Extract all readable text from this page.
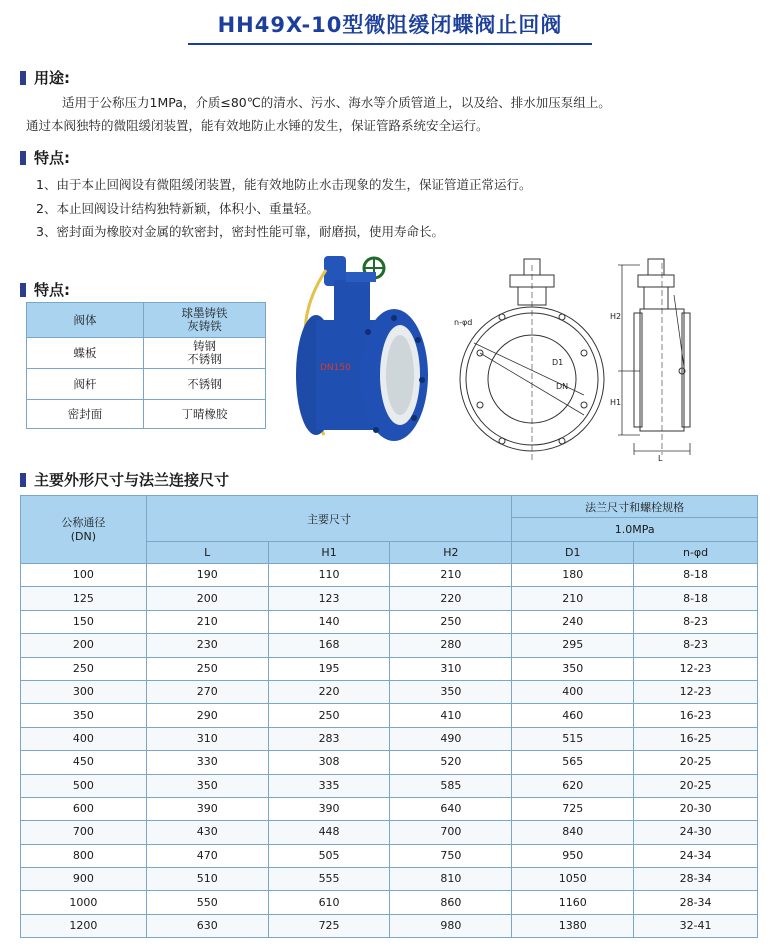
HH49X-10型微阻缓闭蝶阀止回阀
用途:
适用于公称压力1MPa，介质≤80℃的清水、污水、海水等介质管道上，以及给、排水加压泵组上。
通过本阀独特的微阻缓闭装置，能有效地防止水锤的发生，保证管路系统安全运行。
特点:
1、由于本止回阀设有微阻缓闭装置，能有效地防止水击现象的发生，保证管道正常运行。
2、本止回阀设计结构独特新颖，体积小、重量轻。
3、密封面为橡胶对金属的软密封，密封性能可靠，耐磨损，使用寿命长。
特点:
阀体	球墨铸铁
灰铸铁

蝶板	铸钢
不锈钢

阀杆	不锈钢
密封面	丁晴橡胶
DN150
n-φd
D1
DN
H2
H1
L
主要外形尺寸与法兰连接尺寸
公称通径
(DN)	主要尺寸			法兰尺寸和螺栓规格	
				1.0MPa	
	L	H1	H2	D1	n-φd
100	190	110	210	180	8-18
125	200	123	220	210	8-18
150	210	140	250	240	8-23
200	230	168	280	295	8-23
250	250	195	310	350	12-23
300	270	220	350	400	12-23
350	290	250	410	460	16-23
400	310	283	490	515	16-25
450	330	308	520	565	20-25
500	350	335	585	620	20-25
600	390	390	640	725	20-30
700	430	448	700	840	24-30
800	470	505	750	950	24-34
900	510	555	810	1050	28-34
1000	550	610	860	1160	28-34
1200	630	725	980	1380	32-41
